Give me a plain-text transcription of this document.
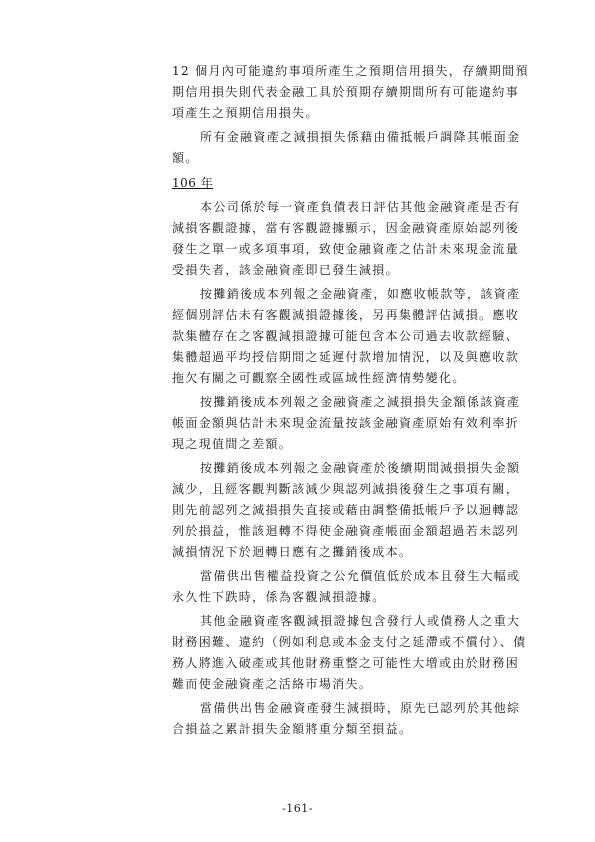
12 個月內可能違約事項所產生之預期信用損失，存續期間預
期信用損失則代表金融工具於預期存續期間所有可能違約事
項產生之預期信用損失。
所有金融資產之減損損失係藉由備抵帳戶調降其帳面金
額。
106 年
本公司係於每一資產負債表日評估其他金融資產是否有
減損客觀證據，當有客觀證據顯示，因金融資產原始認列後
發生之單一或多項事項，致使金融資產之估計未來現金流量
受損失者，該金融資產即已發生減損。
按攤銷後成本列報之金融資產，如應收帳款等，該資產
經個別評估未有客觀減損證據後，另再集體評估減損。應收
款集體存在之客觀減損證據可能包含本公司過去收款經驗、
集體超過平均授信期間之延遲付款增加情況，以及與應收款
拖欠有關之可觀察全國性或區域性經濟情勢變化。
按攤銷後成本列報之金融資產之減損損失金額係該資產
帳面金額與估計未來現金流量按該金融資產原始有效利率折
現之現值間之差額。
按攤銷後成本列報之金融資產於後續期間減損損失金額
減少，且經客觀判斷該減少與認列減損後發生之事項有關，
則先前認列之減損損失直接或藉由調整備抵帳戶予以迴轉認
列於損益，惟該迴轉不得使金融資產帳面金額超過若未認列
減損情況下於迴轉日應有之攤銷後成本。
當備供出售權益投資之公允價值低於成本且發生大幅或
永久性下跌時，係為客觀減損證據。
其他金融資產客觀減損證據包含發行人或債務人之重大
財務困難、違約（例如利息或本金支付之延滯或不償付）、債
務人將進入破產或其他財務重整之可能性大增或由於財務困
難而使金融資產之活絡市場消失。
當備供出售金融資產發生減損時，原先已認列於其他綜
合損益之累計損失金額將重分類至損益。
-161-
